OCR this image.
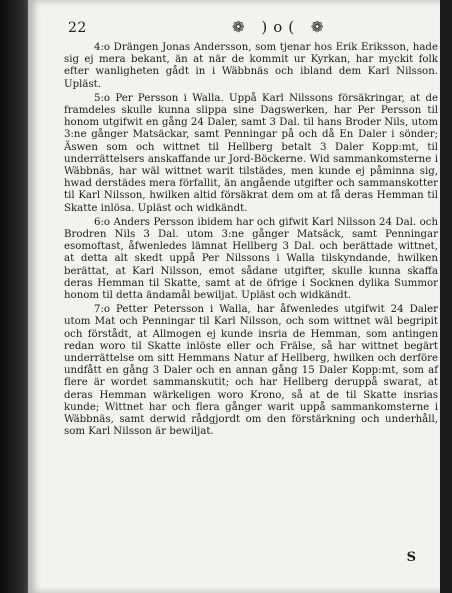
22	❁ )o( ❁

4:o Drängen Jonas Andersson, som tjenar hos Erik Eriksson, hade sig ej mera bekant, än at när de kommit ur Kyrkan, har myckit folk efter wanligheten gådt in i Wäbbnäs och ibland dem Karl Nilsson. Upläst.

5:o Per Persson i Walla. Uppå Karl Nilssons försäkringar, at de framdeles skulle kunna slippa sine Dagswerken, har Per Persson til honom utgifwit en gång 24 Daler, samt 3 Dal. til hans Broder Nils, utom 3:ne gånger Matsäckar, samt Penningar på och då En Daler i sönder; Äswen som och wittnet til Hellberg betalt 3 Daler Kopp:mt, til underrättelsers anskaffande ur Jord-Böckerne. Wid sammankomsterne i Wäbbnäs, har wäl wittnet warit tilstädes, men kunde ej påminna sig, hwad derstädes mera förfallit, än angående utgifter och sammanskotter til Karl Nilsson, hwilken altid försäkrat dem om at få deras Hemman til Skatte inlösa. Upläst och widkändt.

6:o Anders Persson ibidem har och gifwit Karl Nilsson 24 Dal. och Brodren Nils 3 Dal. utom 3:ne gånger Matsäck, samt Penningar esomoftast, åfwenledes lämnat Hellberg 3 Dal. och berättade wittnet, at detta alt skedt uppå Per Nilssons i Walla tilskyndande, hwilken berättat, at Karl Nilsson, emot sådane utgifter, skulle kunna skaffa deras Hemman til Skatte, samt at de öfrige i Socknen dylika Summor honom til detta ändamål bewiljat. Upläst och widkändt.

7:o Petter Petersson i Walla, har åfwenledes utgifwit 24 Daler utom Mat och Penningar til Karl Nilsson, och som wittnet wäl begripit och förstådt, at Allmogen ej kunde insria de Hemman, som antingen redan woro til Skatte inlöste eller och Frälse, så har wittnet begärt underrättelse om sitt Hemmans Natur af Hellberg, hwilken och derföre undfått en gång 3 Daler och en annan gång 15 Daler Kopp:mt, som af flere är wordet sammanskutit; och har Hellberg deruppå swarat, at deras Hemman wärkeligen woro Krono, så at de til Skatte insrias kunde; Wittnet har och flera gånger warit uppå sammankomsterne i Wäbbnäs, samt derwid rådgjordt om den förstärkning och underhåll, som Karl Nilsson är bewiljat.

S
